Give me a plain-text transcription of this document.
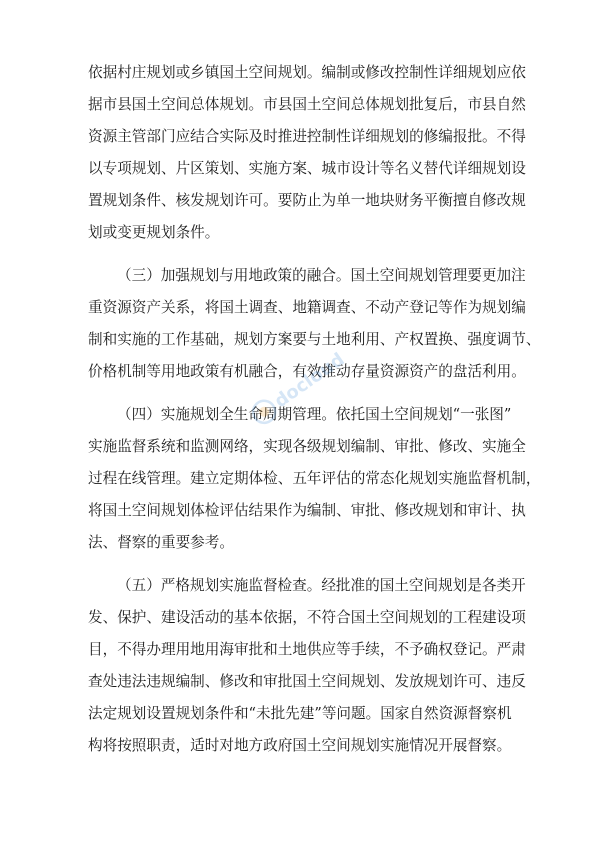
依据村庄规划或乡镇国土空间规划。编制或修改控制性详细规划应依
据市县国土空间总体规划。市县国土空间总体规划批复后，市县自然
资源主管部门应结合实际及时推进控制性详细规划的修编报批。不得
以专项规划、片区策划、实施方案、城市设计等名义替代详细规划设
置规划条件、核发规划许可。要防止为单一地块财务平衡擅自修改规
划或变更规划条件。
（三）加强规划与用地政策的融合。国土空间规划管理要更加注
重资源资产关系，将国土调查、地籍调查、不动产登记等作为规划编
制和实施的工作基础，规划方案要与土地利用、产权置换、强度调节、
价格机制等用地政策有机融合，有效推动存量资源资产的盘活利用。
（四）实施规划全生命周期管理。依托国土空间规划“一张图”
实施监督系统和监测网络，实现各级规划编制、审批、修改、实施全
过程在线管理。建立定期体检、五年评估的常态化规划实施监督机制，
将国土空间规划体检评估结果作为编制、审批、修改规划和审计、执
法、督察的重要参考。
（五）严格规划实施监督检查。经批准的国土空间规划是各类开
发、保护、建设活动的基本依据，不符合国土空间规划的工程建设项
目，不得办理用地用海审批和土地供应等手续，不予确权登记。严肃
查处违法违规编制、修改和审批国土空间规划、发放规划许可、违反
法定规划设置规划条件和“未批先建”等问题。国家自然资源督察机
构将按照职责，适时对地方政府国土空间规划实施情况开展督察。
docloud
